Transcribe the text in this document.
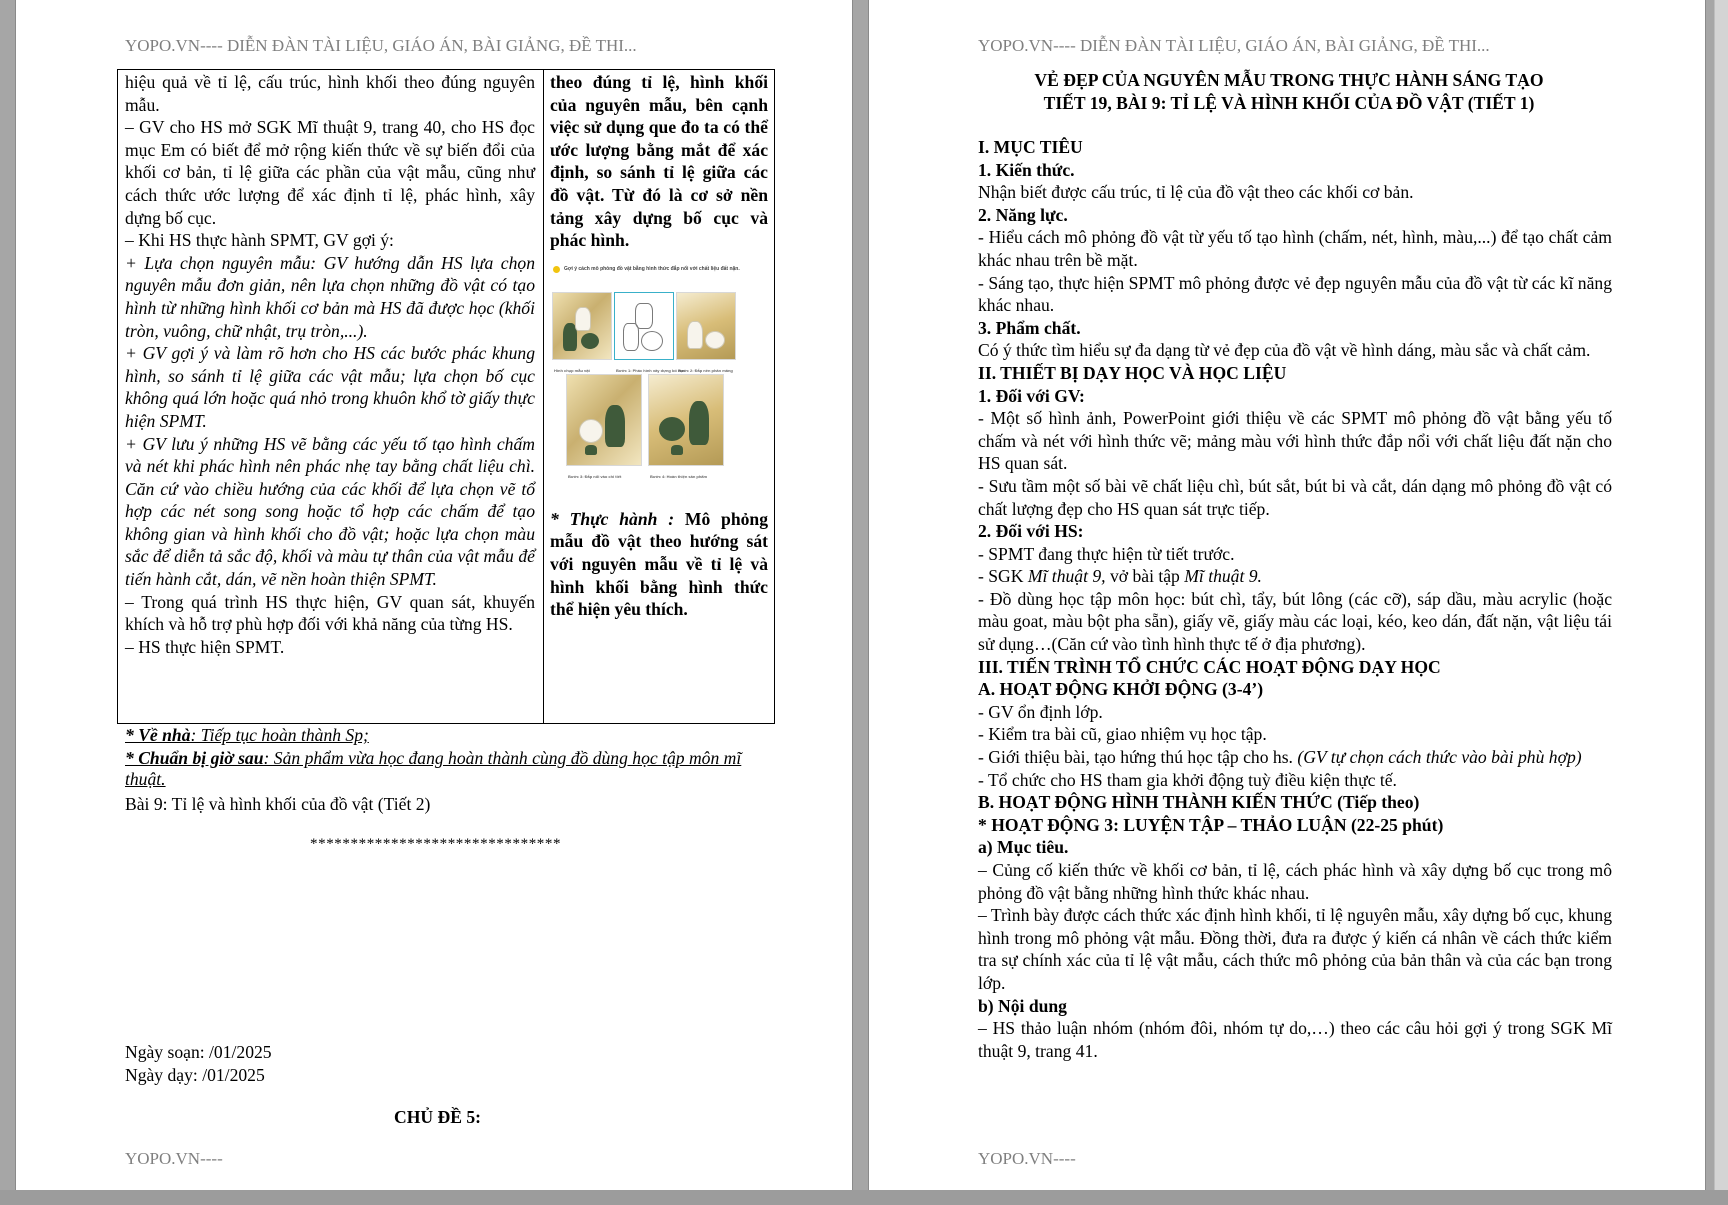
YOPO.VN---- DIỄN ĐÀN TÀI LIỆU, GIÁO ÁN, BÀI GIẢNG, ĐỀ THI...

hiệu quả về tỉ lệ, cấu trúc, hình khối theo đúng nguyên mẫu.

– GV cho HS mở SGK Mĩ thuật 9, trang 40, cho HS đọc mục Em có biết để mở rộng kiến thức về sự biến đổi của khối cơ bản, tỉ lệ giữa các phần của vật mẫu, cũng như cách thức ước lượng để xác định tỉ lệ, phác hình, xây dựng bố cục.

– Khi HS thực hành SPMT, GV gợi ý:

+ Lựa chọn nguyên mẫu: GV hướng dẫn HS lựa chọn nguyên mẫu đơn giản, nên lựa chọn những đồ vật có tạo hình từ những hình khối cơ bản mà HS đã được học (khối tròn, vuông, chữ nhật, trụ tròn,...).

+ GV gợi ý và làm rõ hơn cho HS các bước phác khung hình, so sánh tỉ lệ giữa các vật mẫu; lựa chọn bố cục không quá lớn hoặc quá nhỏ trong khuôn khổ tờ giấy thực hiện SPMT.

+ GV lưu ý những HS vẽ bằng các yếu tố tạo hình chấm và nét khi phác hình nên phác nhẹ tay bằng chất liệu chì. Căn cứ vào chiều hướng của các khối để lựa chọn vẽ tổ hợp các nét song song hoặc tổ hợp các chấm để tạo không gian và hình khối cho đồ vật; hoặc lựa chọn màu sắc để diễn tả sắc độ, khối và màu tự thân của vật mẫu để tiến hành cắt, dán, vẽ nền hoàn thiện SPMT.

– Trong quá trình HS thực hiện, GV quan sát, khuyến khích và hỗ trợ phù hợp đối với khả năng của từng HS.

– HS thực hiện SPMT.

theo đúng tỉ lệ, hình khối của nguyên mẫu, bên cạnh việc sử dụng que đo ta có thể ước lượng bằng mắt để xác định, so sánh tỉ lệ giữa các đồ vật. Từ đó là cơ sở nền tảng xây dựng bố cục và phác hình.

Gợi ý cách mô phỏng đồ vật bằng hình thức đắp nổi với chất liệu đất nặn.
Hình chụp mẫu vật	Bước 1: Phác hình xây dựng bố cục
Bước 2: Đắp nền phân mảng
Bước 3: Đắp nổi vào chi tiết	Bước 4: Hoàn thiện sản phẩm

* Thực hành : Mô phỏng mẫu đồ vật theo hướng sát với nguyên mẫu về tỉ lệ và hình khối bằng hình thức thể hiện yêu thích.

* Về nhà: Tiếp tục hoàn thành Sp;
* Chuẩn bị giờ sau: Sản phẩm vừa học đang hoàn thành cùng đồ dùng học tập môn mĩ thuật.
Bài 9: Tỉ lệ và hình khối của đồ vật (Tiết 2)
*******************************
Ngày soạn: /01/2025
Ngày dạy: /01/2025
CHỦ ĐỀ 5:
YOPO.VN----
YOPO.VN---- DIỄN ĐÀN TÀI LIỆU, GIÁO ÁN, BÀI GIẢNG, ĐỀ THI...
VẺ ĐẸP CỦA NGUYÊN MẪU TRONG THỰC HÀNH SÁNG TẠO
TIẾT 19, BÀI 9: TỈ LỆ VÀ HÌNH KHỐI CỦA ĐỒ VẬT (TIẾT 1)

I. MỤC TIÊU

1. Kiến thức.

Nhận biết được cấu trúc, tỉ lệ của đồ vật theo các khối cơ bản.

2. Năng lực.

- Hiểu cách mô phỏng đồ vật từ yếu tố tạo hình (chấm, nét, hình, màu,...) để tạo chất cảm khác nhau trên bề mặt.

- Sáng tạo, thực hiện SPMT mô phỏng được vẻ đẹp nguyên mẫu của đồ vật từ các kĩ năng khác nhau.

3. Phẩm chất.

Có ý thức tìm hiểu sự đa dạng từ vẻ đẹp của đồ vật về hình dáng, màu sắc và chất cảm.

II. THIẾT BỊ DẠY HỌC VÀ HỌC LIỆU

1. Đối với GV:

- Một số hình ảnh, PowerPoint giới thiệu về các SPMT mô phỏng đồ vật bằng yếu tố chấm và nét với hình thức vẽ; mảng màu với hình thức đắp nổi với chất liệu đất nặn cho HS quan sát.

- Sưu tầm một số bài vẽ chất liệu chì, bút sắt, bút bi và cắt, dán dạng mô phỏng đồ vật có chất lượng đẹp cho HS quan sát trực tiếp.

2. Đối với HS:

- SPMT đang thực hiện từ tiết trước.

- SGK Mĩ thuật 9, vở bài tập Mĩ thuật 9.

- Đồ dùng học tập môn học: bút chì, tẩy, bút lông (các cỡ), sáp dầu, màu acrylic (hoặc màu goat, màu bột pha sẵn), giấy vẽ, giấy màu các loại, kéo, keo dán, đất nặn, vật liệu tái sử dụng…(Căn cứ vào tình hình thực tế ở địa phương).

III. TIẾN TRÌNH TỔ CHỨC CÁC HOẠT ĐỘNG DẠY HỌC

A. HOẠT ĐỘNG KHỞI ĐỘNG (3-4’)

- GV ổn định lớp.

- Kiểm tra bài cũ, giao nhiệm vụ học tập.

- Giới thiệu bài, tạo hứng thú học tập cho hs. (GV tự chọn cách thức vào bài phù hợp)

- Tổ chức cho HS tham gia khởi động tuỳ điều kiện thực tế.

B. HOẠT ĐỘNG HÌNH THÀNH KIẾN THỨC (Tiếp theo)

* HOẠT ĐỘNG 3: LUYỆN TẬP – THẢO LUẬN (22-25 phút)

a) Mục tiêu.

– Củng cố kiến thức về khối cơ bản, tỉ lệ, cách phác hình và xây dựng bố cục trong mô phỏng đồ vật bằng những hình thức khác nhau.

– Trình bày được cách thức xác định hình khối, tỉ lệ nguyên mẫu, xây dựng bố cục, khung hình trong mô phỏng vật mẫu. Đồng thời, đưa ra được ý kiến cá nhân về cách thức kiểm tra sự chính xác của tỉ lệ vật mẫu, cách thức mô phỏng của bản thân và của các bạn trong lớp.

b) Nội dung

– HS thảo luận nhóm (nhóm đôi, nhóm tự do,…) theo các câu hỏi gợi ý trong SGK Mĩ thuật 9, trang 41.

YOPO.VN----
